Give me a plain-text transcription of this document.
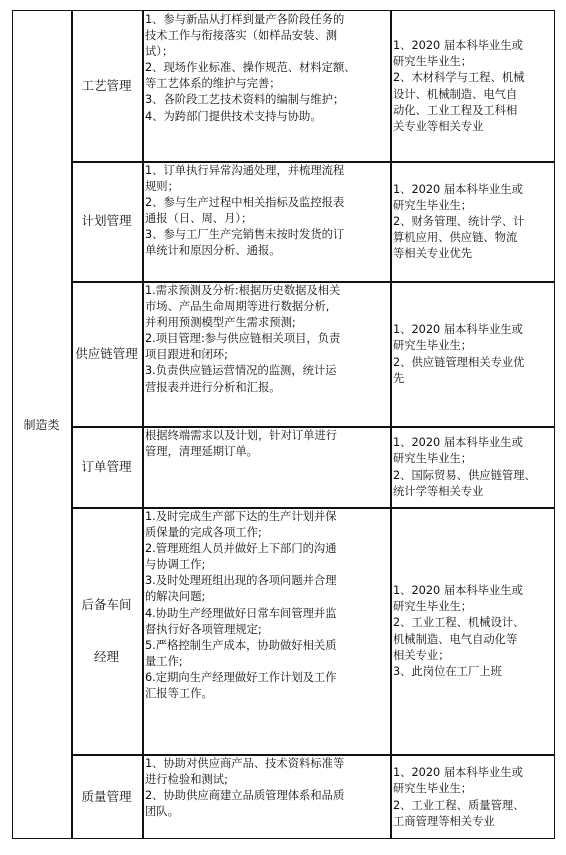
制造类
工艺管理
1、参与新品从打样到量产各阶段任务的
技术工作与衔接落实（如样品安装、测
试）；
2、现场作业标准、操作规范、材料定额、
等工艺体系的维护与完善；
3、各阶段工艺技术资料的编制与维护；
4、为跨部门提供技术支持与协助。
1、2020 届本科毕业生或
研究生毕业生；
2、木材科学与工程、机械
设计、机械制造、电气自
动化、工业工程及工科相
关专业等相关专业
计划管理
1、订单执行异常沟通处理，并梳理流程
规则；
2、参与生产过程中相关指标及监控报表
通报（日、周、月）；
3、参与工厂生产完销售未按时发货的订
单统计和原因分析、通报。
1、2020 届本科毕业生或
研究生毕业生；
2、财务管理、统计学、计
算机应用、供应链、物流
等相关专业优先
供应链管理
1.需求预测及分析:根据历史数据及相关
市场、产品生命周期等进行数据分析,
并利用预测模型产生需求预测;
2.项目管理:参与供应链相关项目，负责
项目跟进和闭环;
3.负责供应链运营情况的监测，统计运
营报表并进行分析和汇报。
1、2020 届本科毕业生或
研究生毕业生；
2、供应链管理相关专业优
先
订单管理
根据终端需求以及计划，针对订单进行
管理，清理延期订单。
1、2020 届本科毕业生或
研究生毕业生；
2、国际贸易、供应链管理、
统计学等相关专业
后备车间经理
1.及时完成生产部下达的生产计划并保
质保量的完成各项工作;
2.管理班组人员并做好上下部门的沟通
与协调工作;
3.及时处理班组出现的各项问题并合理
的解决问题;
4.协助生产经理做好日常车间管理并监
督执行好各项管理规定;
5.严格控制生产成本，协助做好相关质
量工作;
6.定期向生产经理做好工作计划及工作
汇报等工作。
1、2020 届本科毕业生或
研究生毕业生；
2、工业工程、机械设计、
机械制造、电气自动化等
相关专业；
3、此岗位在工厂上班
质量管理
1、协助对供应商产品、技术资料标准等
进行检验和测试;
2、协助供应商建立品质管理体系和品质
团队。
1、2020 届本科毕业生或
研究生毕业生；
2、工业工程、质量管理、
工商管理等相关专业
